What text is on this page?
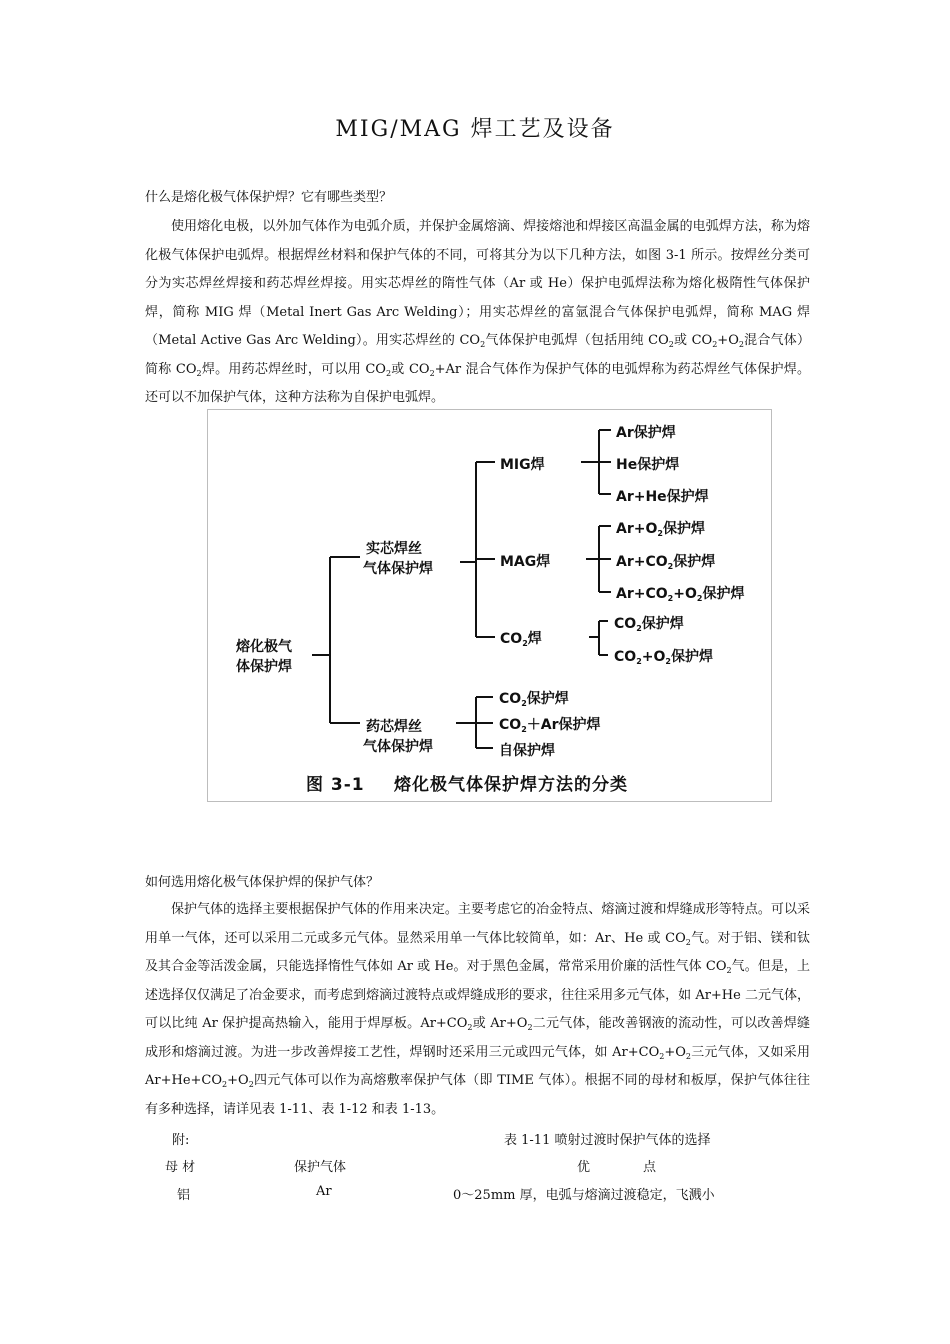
MIG/MAG 焊工艺及设备
什么是熔化极气体保护焊？它有哪些类型？

使用熔化电极，以外加气体作为电弧介质，并保护金属熔滴、焊接熔池和焊接区高温金属的电弧焊方法，称为熔化极气体保护电弧焊。根据焊丝材料和保护气体的不同，可将其分为以下几种方法，如图 3-1 所示。按焊丝分类可分为实芯焊丝焊接和药芯焊丝焊接。用实芯焊丝的隋性气体（Ar 或 He）保护电弧焊法称为熔化极隋性气体保护焊，简称 MIG 焊（Metal Inert Gas Arc Welding）；用实芯焊丝的富氩混合气体保护电弧焊，简称 MAG 焊（Metal Active Gas Arc Welding）。用实芯焊丝的 $CO_2$气体保护电弧焊（包括用纯 $CO_2$或 $CO_2+O_2$混合气体）简称 $CO_2$焊。用药芯焊丝时，可以用 $CO_2$或 $CO_2+Ar$ 混合气体作为保护气体的电弧焊称为药芯焊丝气体保护焊。还可以不加保护气体，这种方法称为自保护电弧焊。

熔化极气
体保护焊
实芯焊丝
气体保护焊
药芯焊丝
气体保护焊
MIG焊
MAG焊
$CO_2$焊
Ar保护焊
He保护焊
Ar+He保护焊
$Ar+O_2$保护焊
$Ar+CO_2$保护焊
$Ar+CO_2+O_2$保护焊
$CO_2$保护焊
$CO_2+O_2$保护焊
$CO_2$保护焊
$CO_2+Ar$保护焊
自保护焊
图 3-1 熔化极气体保护焊方法的分类
如何选用熔化极气体保护焊的保护气体？

保护气体的选择主要根据保护气体的作用来决定。主要考虑它的冶金特点、熔滴过渡和焊缝成形等特点。可以采用单一气体，还可以采用二元或多元气体。显然采用单一气体比较简单，如：Ar、He 或 $CO_2$气。对于铝、镁和钛及其合金等活泼金属，只能选择惰性气体如 Ar 或 He。对于黑色金属，常常采用价廉的活性气体 $CO_2$气。但是，上述选择仅仅满足了冶金要求，而考虑到熔滴过渡特点或焊缝成形的要求，往往采用多元气体，如 Ar+He 二元气体，可以比纯 Ar 保护提高热输入，能用于焊厚板。$Ar+CO_2$或 $Ar+O_2$二元气体，能改善钢液的流动性，可以改善焊缝成形和熔滴过渡。为进一步改善焊接工艺性，焊钢时还采用三元或四元气体，如 $Ar+CO_2+O_2$三元气体，又如采用 $Ar+He+CO_2+O_2$四元气体可以作为高熔敷率保护气体（即 TIME 气体）。根据不同的母材和板厚，保护气体往往有多种选择，请详见表 1-11、表 1-12 和表 1-13。

附:	表 1-11 喷射过渡时保护气体的选择
母 材	保护气体	优	点
铝	Ar	0～25mm 厚，电弧与熔滴过渡稳定，飞溅小
